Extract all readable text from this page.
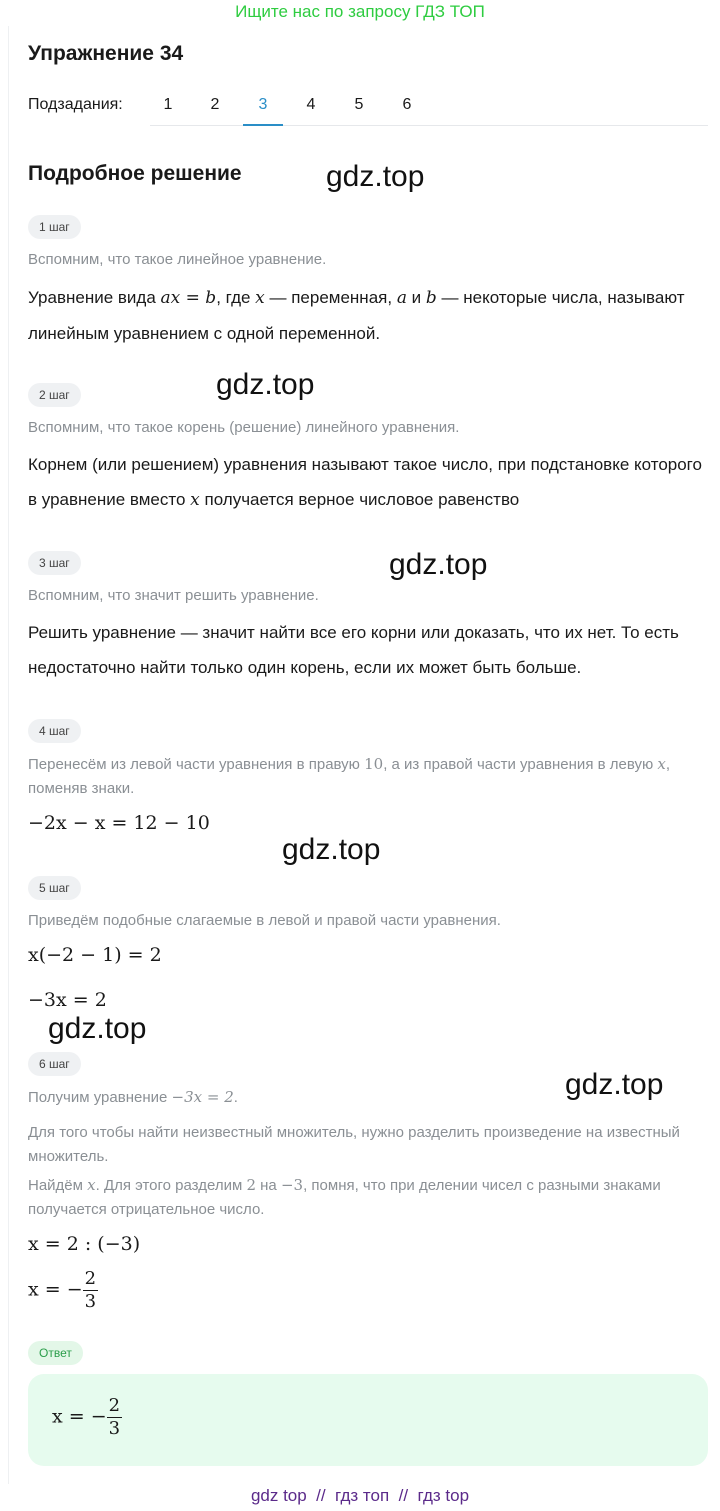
Ищите нас по запросу ГДЗ ТОП
Упражнение 34
Подзадания:	1	2	3	4	5	6
Подробное решение	gdz.top
gdz.top
gdz.top
gdz.top
gdz.top
gdz.top
1 шаг
Вспомним, что такое линейное уравнение.
Уравнение вида ax = b, где x — переменная, a и b — некоторые числа, называют линейным уравнением с одной переменной.
2 шаг
Вспомним, что такое корень (решение) линейного уравнения.
Корнем (или решением) уравнения называют такое число, при подстановке которого в уравнение вместо x получается верное числовое равенство
3 шаг
Вспомним, что значит решить уравнение.
Решить уравнение — значит найти все его корни или доказать, что их нет. То есть недостаточно найти только один корень, если их может быть больше.
4 шаг
Перенесём из левой части уравнения в правую 10, а из правой части уравнения в левую x, поменяв знаки.
−2x − x = 12 − 10
5 шаг
Приведём подобные слагаемые в левой и правой части уравнения.
x(−2 − 1) = 2
−3x = 2
6 шаг
Получим уравнение −3x = 2.
Для того чтобы найти неизвестный множитель, нужно разделить произведение на известный множитель.
Найдём x. Для этого разделим 2 на −3, помня, что при делении чисел с разными знаками получается отрицательное число.
x = 2 : (−3)
x = − $\frac{2}{3}$
Ответ
x = − $\frac{2}{3}$
gdz top  //  гдз топ  //  гдз top
